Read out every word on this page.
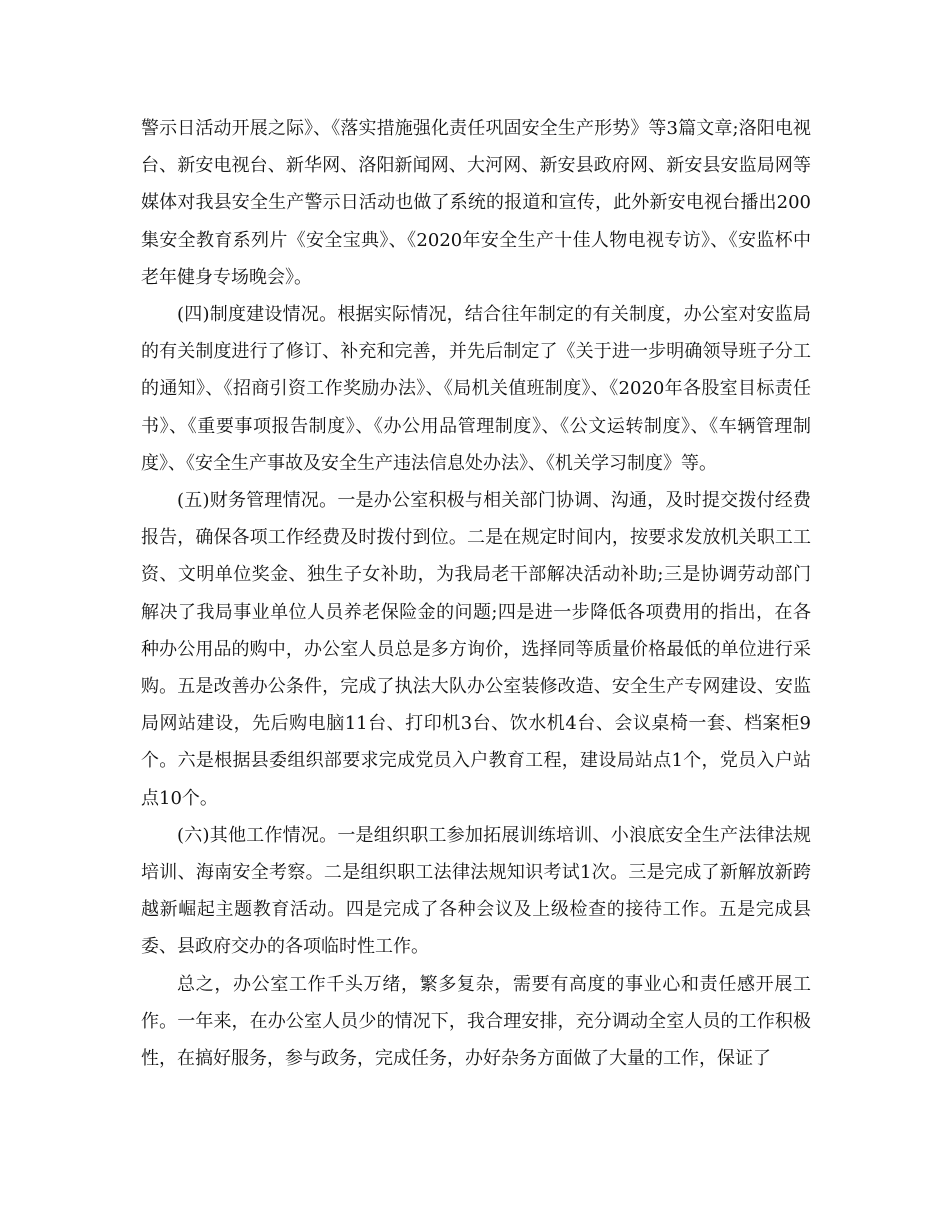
警示日活动开展之际》、《落实措施强化责任巩固安全生产形势》等3篇文章;洛阳电视台、新安电视台、新华网、洛阳新闻网、大河网、新安县政府网、新安县安监局网等媒体对我县安全生产警示日活动也做了系统的报道和宣传，此外新安电视台播出200集安全教育系列片《安全宝典》、《2020年安全生产十佳人物电视专访》、《安监杯中老年健身专场晚会》。

(四)制度建设情况。根据实际情况，结合往年制定的有关制度，办公室对安监局的有关制度进行了修订、补充和完善，并先后制定了《关于进一步明确领导班子分工的通知》、《招商引资工作奖励办法》、《局机关值班制度》、《2020年各股室目标责任书》、《重要事项报告制度》、《办公用品管理制度》、《公文运转制度》、《车辆管理制度》、《安全生产事故及安全生产违法信息处办法》、《机关学习制度》等。

(五)财务管理情况。一是办公室积极与相关部门协调、沟通，及时提交拨付经费报告，确保各项工作经费及时拨付到位。二是在规定时间内，按要求发放机关职工工资、文明单位奖金、独生子女补助，为我局老干部解决活动补助;三是协调劳动部门解决了我局事业单位人员养老保险金的问题;四是进一步降低各项费用的指出，在各种办公用品的购中，办公室人员总是多方询价，选择同等质量价格最低的单位进行采购。五是改善办公条件，完成了执法大队办公室装修改造、安全生产专网建设、安监局网站建设，先后购电脑11台、打印机3台、饮水机4台、会议桌椅一套、档案柜9个。六是根据县委组织部要求完成党员入户教育工程，建设局站点1个，党员入户站点10个。

(六)其他工作情况。一是组织职工参加拓展训练培训、小浪底安全生产法律法规培训、海南安全考察。二是组织职工法律法规知识考试1次。三是完成了新解放新跨越新崛起主题教育活动。四是完成了各种会议及上级检查的接待工作。五是完成县委、县政府交办的各项临时性工作。

总之，办公室工作千头万绪，繁多复杂，需要有高度的事业心和责任感开展工作。一年来，在办公室人员少的情况下，我合理安排，充分调动全室人员的工作积极性，在搞好服务，参与政务，完成任务，办好杂务方面做了大量的工作，保证了
